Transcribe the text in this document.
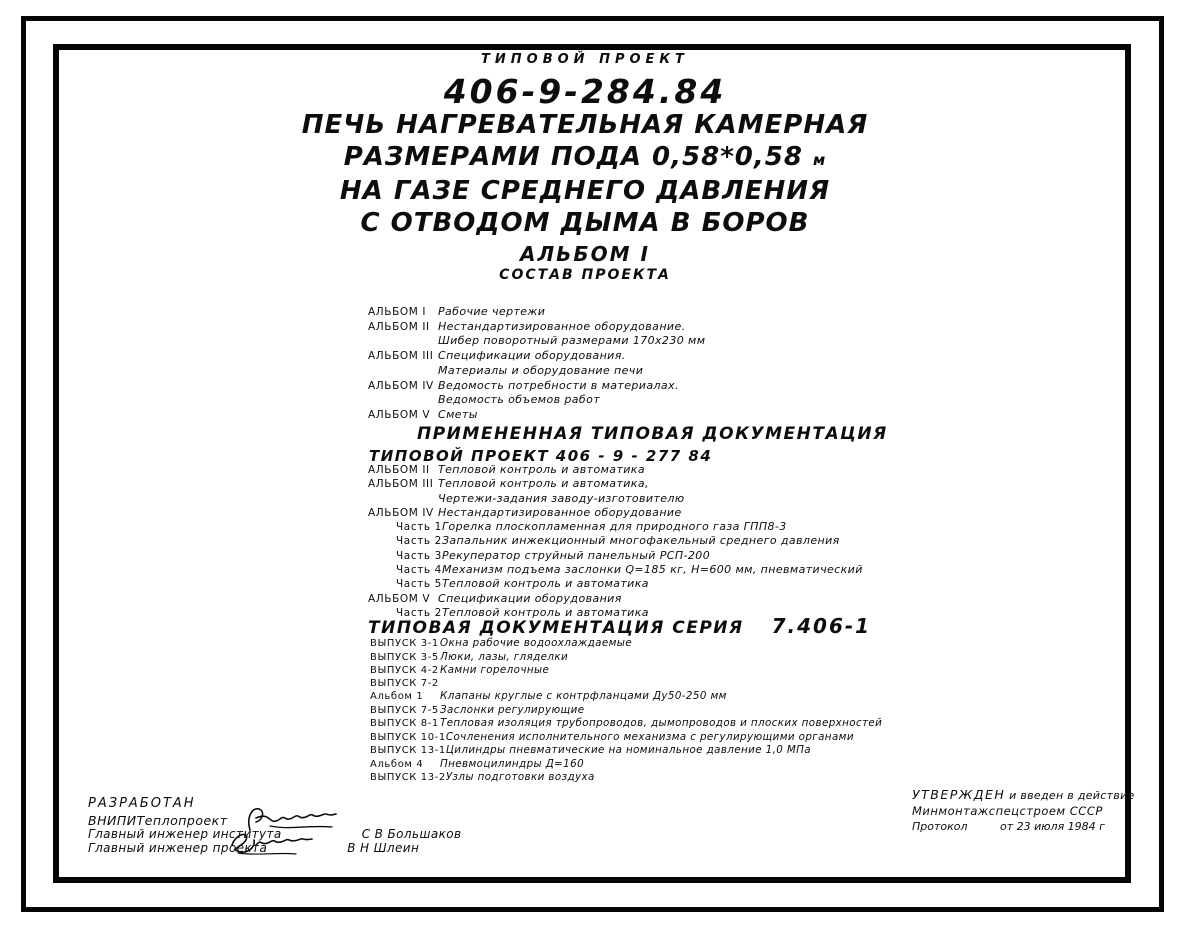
ТИПОВОЙ ПРОЕКТ
406-9-284.84
ПЕЧЬ НАГРЕВАТЕЛЬНАЯ КАМЕРНАЯ
РАЗМЕРАМИ ПОДА 0,58*0,58 м
НА ГАЗЕ СРЕДНЕГО ДАВЛЕНИЯ
С ОТВОДОМ ДЫМА В БОРОВ
АЛЬБОМ I
СОСТАВ ПРОЕКТА
АЛЬБОМ I	Рабочие чертежи
АЛЬБОМ II Нестандартизированное оборудование.
Шибер поворотный размерами 170х230 мм
АЛЬБОМ III Спецификации оборудования.
Материалы и оборудование печи
АЛЬБОМ IV Ведомость потребности в материалах.
Ведомость объемов работ
АЛЬБОМ V Сметы
ПРИМЕНЕННАЯ ТИПОВАЯ ДОКУМЕНТАЦИЯ
ТИПОВОЙ ПРОЕКТ 406 - 9 - 277 84
АЛЬБОМ II Тепловой контроль и автоматика
АЛЬБОМ III Тепловой контроль и автоматика,
Чертежи-задания заводу-изготовителю
АЛЬБОМ IV Нестандартизированное оборудование
Часть 1 Горелка плоскопламенная для природного газа ГПП8-3
Часть 2 Запальник инжекционный многофакельный среднего давления
Часть 3 Рекуператор струйный панельный РСП-200
Часть 4 Механизм подъема заслонки Q=185 кг, Н=600 мм, пневматический
Часть 5 Тепловой контроль и автоматика
АЛЬБОМ V Спецификации оборудования
Часть 2 Тепловой контроль и автоматика
ТИПОВАЯ ДОКУМЕНТАЦИЯ СЕРИЯ 7.406-1
ВЫПУСК 3-1 Окна рабочие водоохлаждаемые
ВЫПУСК 3-5 Люки, лазы, гляделки
ВЫПУСК 4-2 Камни горелочные
ВЫПУСК 7-2
Альбом 1	Клапаны круглые с контрфланцами Ду50-250 мм
ВЫПУСК 7-5 Заслонки регулирующие
ВЫПУСК 8-1 Тепловая изоляция трубопроводов, дымопроводов и плоских поверхностей
ВЫПУСК 10-1 Сочленения исполнительного механизма с регулирующими органами
ВЫПУСК 13-1 Цилиндры пневматические на номинальное давление 1,0 МПа
Альбом 4	Пневмоцилиндры Д=160
ВЫПУСК 13-2 Узлы подготовки воздуха
РАЗРАБОТАН
ВНИПИТеплопроект
Главный инженер института	С В Большаков
Главный инженер проекта	В Н Шлеин
УТВЕРЖДЕН и введен в действие
Минмонтажспецстроем СССР
Протокол	от 23 июля 1984 г
